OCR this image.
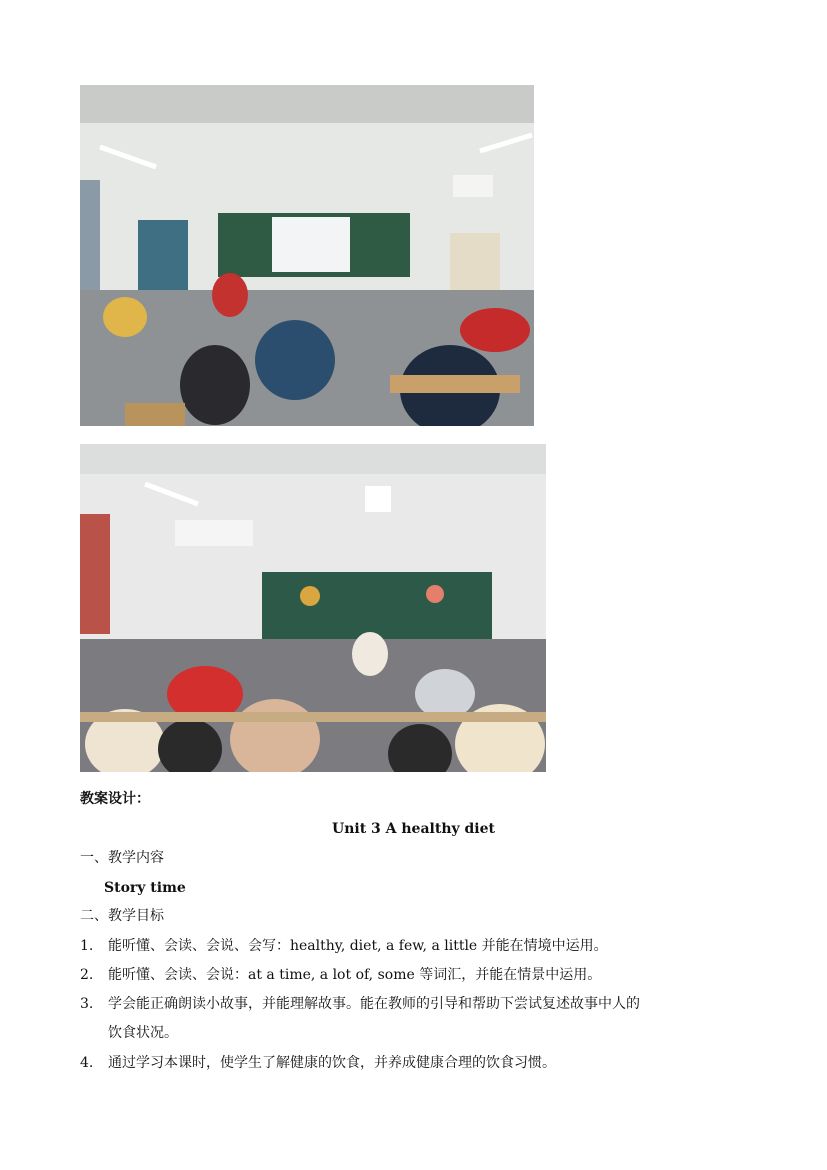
教案设计：
Unit 3 A healthy diet
一、教学内容
Story time
二、教学目标
1. 能听懂、会读、会说、会写：healthy, diet, a few, a little 并能在情境中运用。
2. 能听懂、会读、会说：at a time, a lot of, some 等词汇，并能在情景中运用。
3. 学会能正确朗读小故事，并能理解故事。能在教师的引导和帮助下尝试复述故事中人的
饮食状况。
4. 通过学习本课时，使学生了解健康的饮食，并养成健康合理的饮食习惯。
